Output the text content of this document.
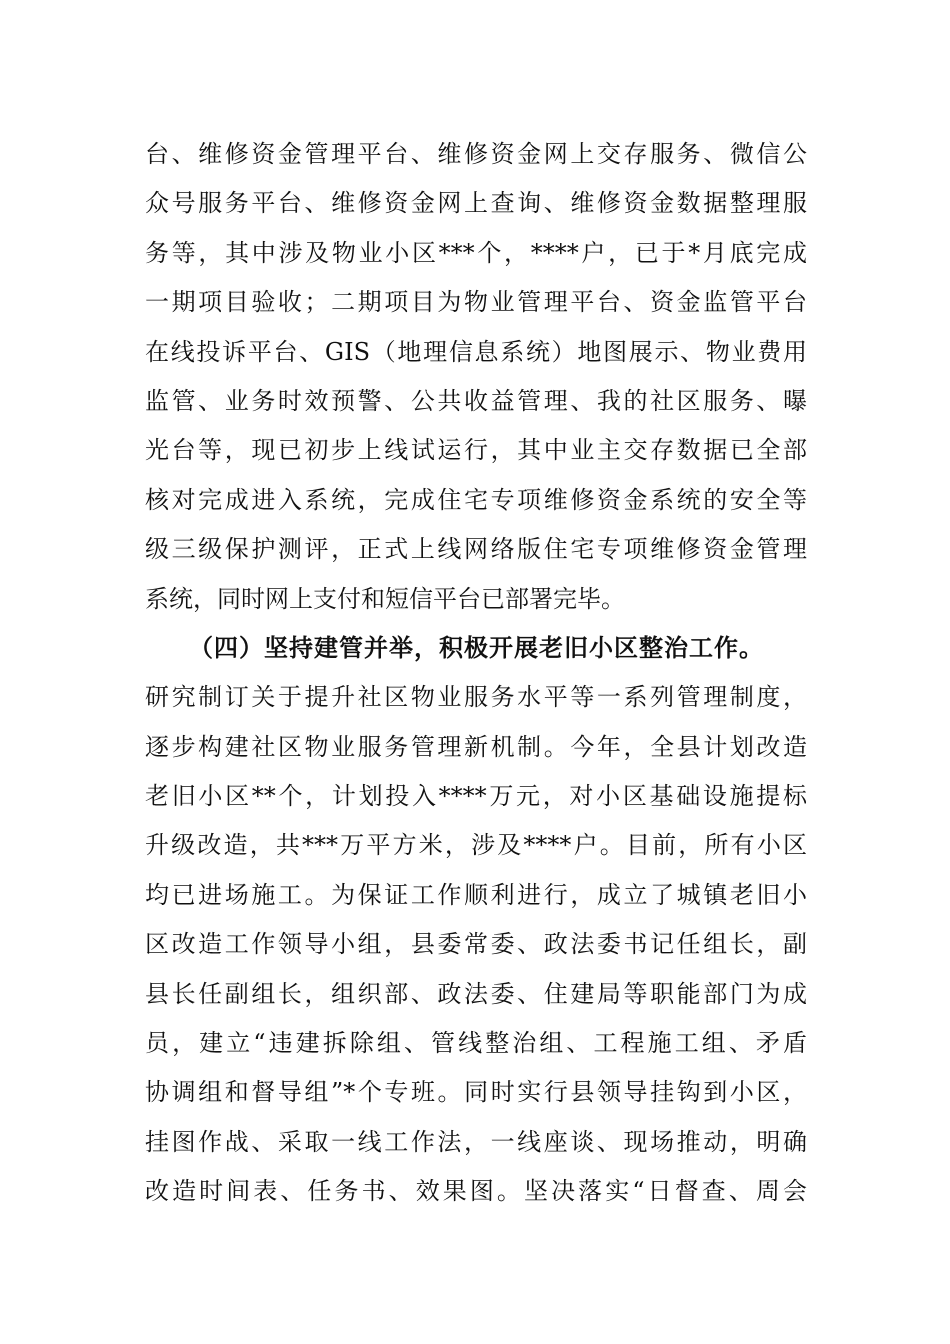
台、维修资金管理平台、维修资金网上交存服务、微信公
众号服务平台、维修资金网上查询、维修资金数据整理服
务等，其中涉及物业小区***个，****户，已于*月底完成
一期项目验收；二期项目为物业管理平台、资金监管平台
在线投诉平台、GIS（地理信息系统）地图展示、物业费用
监管、业务时效预警、公共收益管理、我的社区服务、曝
光台等，现已初步上线试运行，其中业主交存数据已全部
核对完成进入系统，完成住宅专项维修资金系统的安全等
级三级保护测评，正式上线网络版住宅专项维修资金管理
系统，同时网上支付和短信平台已部署完毕。
（四）坚持建管并举，积极开展老旧小区整治工作。
研究制订关于提升社区物业服务水平等一系列管理制度，
逐步构建社区物业服务管理新机制。今年，全县计划改造
老旧小区**个，计划投入****万元，对小区基础设施提标
升级改造，共***万平方米，涉及****户。目前，所有小区
均已进场施工。为保证工作顺利进行，成立了城镇老旧小
区改造工作领导小组，县委常委、政法委书记任组长，副
县长任副组长，组织部、政法委、住建局等职能部门为成
员，建立“违建拆除组、管线整治组、工程施工组、矛盾
协调组和督导组”*个专班。同时实行县领导挂钩到小区，
挂图作战、采取一线工作法，一线座谈、现场推动，明确
改造时间表、任务书、效果图。坚决落实“日督查、周会
